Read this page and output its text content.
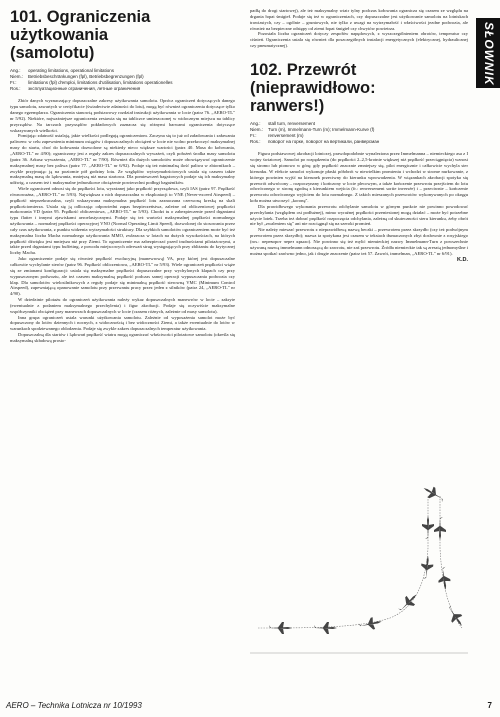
101. Ograniczenia użytkowania
(samolotu)
Ang.:	operating limitations, operational limitations
Niem.:	Betriebsbeschränkungen (fpl), Betriebsbegrenzungen (fpl)
Fr.:	limitations (fpl) d'emploi, limitations d'utilisation, limitations operationelles
Ros.:	эксплуатационные ограничения, летные ограничения

Zbiór danych wyznaczający dopuszczalne zakresy użytkowania samolotu. Oprócz ograniczeń dotyczących danego typu samolotu, zawartych w certyfikacie (świadectwie zdatności do lotu), mogą być również ograniczenia dotyczące tylko danego egzemplarza. Ograniczenia stanowią podstawowy rozdział instrukcji użytkowania w locie (patrz 76. „AERO-TL" nr 5/92). Niektóre, najważniejsze ograniczenia zestawia się na tabliczce umieszczonej w widocznym miejscu na tablicy przyrządów. Na tarczach przyrządów pokładowych zaznacza się różnymi barwami ograniczenia dotyczące wskazywanych wielkości.

Pomijając zdatność ustalają, jakie wielkości podlegają ograniczeniom. Zaczyna się to już od załadowania i załawania paliwem: w celu zapewnienia minimum osiągów i dopuszczalnych obciążeń w locie nie wolno przekroczyć maksymalnej masy do startu, choć do kołowania dozwolone są niekiedy nieco większe wartości (patrz 40. Masa do kołowania, „AERO-TL" nr 4/90); ograniczony jest z reguły zakres dopuszczalnych wyważeń, czyli położeń środka masy samolotu (patrz 36. Arkusz wyważenia, „AERO-TL" nr 7/90). Również dla dużych samolotów może obowiązywać ograniczenie maksymalnej masy bez paliwa (patrz 77. „AERO-TL" nr 6/92). Podaje się też minimalną ilość paliwa w zbiornikach – zwykle przyjmując ją na poziomie pół godziny lotu. Ze względów wytrzymałościowych ustala się czasem także maksymalną masę do lądowania, mniejszą niż masa startowa. Dla pomieszczeń bagażowych podaje się ich maksymalny udźwig, a czasem też i maksymalne jednostkowe obciążenie powierzchni podłogi bagażników.

Wiele ograniczeń odnosi się do prędkości lotu, wyrażanej jako prędkość przyrządowa, czyli IAS (patrz 97. Prędkość równoważna, „AERO-TL" nr 5/93). Największa z nich dopuszczalna w eksploatacji to VNE (Never-exceed Airspeed) – prędkość nieprzekraczalna, czyli wskazywana maksymalna prędkość lotu zaznaczana czerwoną kreską na skali prędkościomierza. Ustala się ją odliczając odpowiedni zapas bezpieczeństwa, zależne od obliczeniowej prędkości nurkowania VD (patrz 95. Prędkość obliczeniowa, „AERO-TL" nr 5/93). Chodzi tu o zabezpieczenie przed drganiami typu flatter i innymi zjawiskami aeroelastycznymi. Podaje się też wartości maksymalnej prędkości normalnego użytkowania – normalnej prędkości operacyjnej VNO (Normal Operating Limit Speed), dozwolonej do stosowania przez cały czas użytkowania, z punktu widzenia wytrzymałości struktury. Dla szybkich samolotów ograniczeniem może być też maksymalna liczba Macha normalnego użytkowania MMO, zwłaszcza w lotach na dużych wysokościach, na których prędkość dźwięku jest mniejsza niż przy Ziemi. To ograniczenie ma zabezpieczać przed trudnościami pilotażowymi, a także przed drganiami typu buffeting, z powodu miejscowych oderwań strug występujących przy zbliżaniu do krytycznej liczby Macha.

Jako ograniczenie podaje się również prędkość ewolucyjną (manewrową) VA, przy której jest dopuszczalne całkowite wychylanie sterów (patrz 96. Prędkość obliczeniowa, „AERO-TL" nr 5/93). Wiele ograniczeń prędkości wiąże się ze zmianami konfiguracji: ustala się maksymalne prędkości dopuszczalne przy wychylonych klapach czy przy wypuszczonym podwoziu, ale też czasem maksymalną prędkość podczas samej operacji wypuszczania podwozia czy klap. Dla samolotów wielosilnikowych z reguły podaje się minimalną prędkość sterowną VMC (Minimum Control Airspeed), zapewniającą opanowanie samolotu przy przerwaniu pracy przez jeden z silników (patrz 24, „AERO-TL" nr 4/90).

W dziedzinie pilotażu do ograniczeń użytkowania należy wykaz dopuszczalnych manewrów w locie – zakryte (ewentualnie z podaniem maksymalnego przechylenia) i figur akrobacji. Podaje się oczywiście maksymalne współczynniki obciążeń przy manewrach dopuszczalnych w locie (czasem różnych, zależnie od masy samolotu).

Inna grupa ograniczeń ustala warunki użytkowania samolotu. Zależnie od wyposażenia samolot może być dopuszczony do lotów dziennych i nocnych, z widocznością i bez widoczności Ziemi, a także ewentualnie do lotów w warunkach spodziewanego oblodzenia. Podaje się zwykle zakres dopuszczalnych temperatur użytkowania.

Dopuszczalną dla startów i lądowań prędkość wiatru mogą ograniczać właściwości pilotażowe samolotu (określa się maksymalną składową prosto-

padłą do drogi startowej), ale też maksymalny wiatr tylny podczas kołowania ogranicza się czasem ze względu na drgania łopat śmigieł. Podaje się też w ograniczeniach, czy dopuszczalne jest użytkowanie samolotu na lotniskach trawiastych, czy – ogólnie – gruntowych, nie tylko z uwagi na wytrzymałość i właściwości jezdne podwozia, ale również na bezpieczne odstępy od ziemi łopat śmigieł czy chwytów powietrza.

Pozostała liczba ograniczeń dotyczy zespołów napędowych, z wyszczególnieniem obrotów, temperatur czy ciśnień. Ograniczenia ustala się również dla poszczególnych instalacji energetycznych (elektrycznej, hydraulicznej czy pneumatycznej).

102. Przewrót (nieprawidłowo:
ranwers!)
Ang.:	stall turn, renversement
Niem.:	Turn (m), Immelmann-Turn (m); Immelmann-Kurve (f)
Fr.:	renversement (m)
Ros.:	поворот на горке, поворот на вертикали, ранверсман

Figura podstawowej akrobacji lotniczej, prawdopodobnie wynaleziona przez Immelmanna – niemieckiego asa z I wojny światowej. Samolot po rozpędzeniu (do prędkości 2–2,5-krotnie większej niż prędkość przeciągnięcia) wznosi się stromo lub pionowo w górę; gdy prędkość znacznie zmniejszy się, pilot energicznie i całkowicie wychyla ster kierunku. W efekcie samolot wykonuje płaski półobrót w niewielkim promieniu i wchodzi w strome nurkowanie, z którego powinien wyjść na kierunek przeciwny do kierunku wprowadzenia. W wiązankach akrobacji spotyka się przewrót odwrócony – rozpoczynany i kończony w locie plecowym, a także kończenie przewrotu przejściem do lotu odwróconego w stronę zgodną z kierunkiem wejścia (fr.: renversement sortie inversée) i – przeciwnie – kończenie przewrotu odwróconego wyjściem do lotu normalnego. Z takich mieszanych przewrotów wykonywanych po okręgu koła można utworzyć „koronę".

Dla prawidłowego wykonania przewrotu odchylanie samolotu w górnym punkcie nie powinno powodować przechylania (względem osi podłużnej), mimo wyraźnej prędkości przeniesionej mogą działać – może być potrzebne użycie lotek. Trzeba też dobrać prędkość rozpoczęcia odchylania, zależną od skuteczności steru kierunku, żeby obrót nie był „zwaleniem się" ani nie rozciągnął się na szeroki promień.

Nie należy mieszać przewrotu z nieprawidłową nazwą beczki – przewrotem przez skrzydło (czy też podwójnym przewrotem przez skrzydło); nazwa ta spotykana jest czasem w tekstach tłumaczonych zbyt dosłownie z rosyjskiego (ros.: переворот через крыло). Nie powinno się też mylić niemieckiej nazwy Immelmann-Turn z powszechnie używaną nazwą immelmann odnoszącą do zawrotu, nie zaś przewrotu. Źródła niemieckie tak są zresztą jednomyślne i można spotkać zarówno jedno, jak i drugie znaczenie (patrz też 57. Zawrót, immelman, „AERO-TL" nr 6/91).

K.D.
SŁOWNIK
AERO – Technika Lotnicza nr 10/1993	7
